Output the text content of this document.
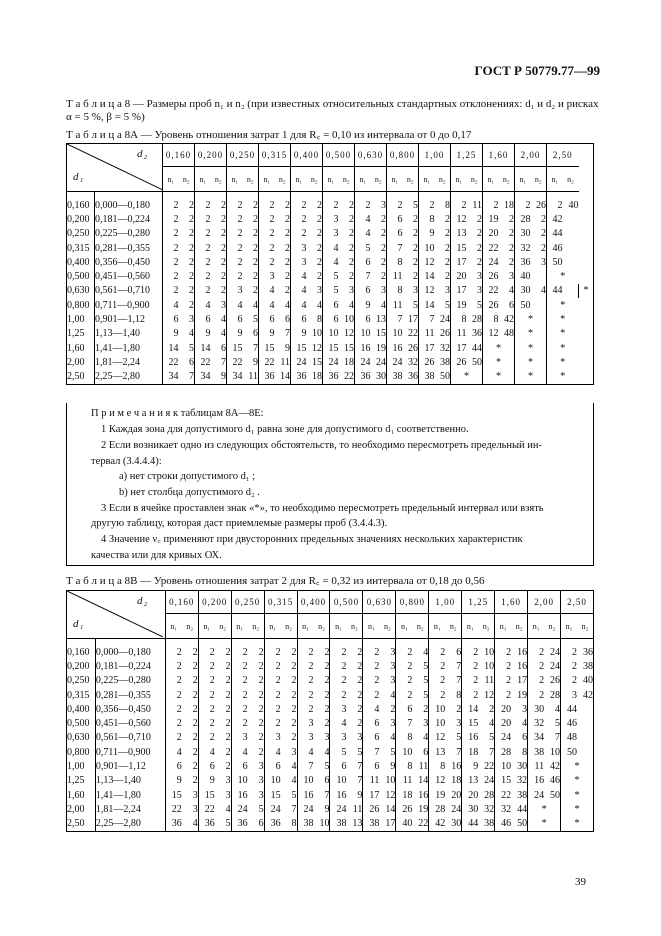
ГОСТ Р 50779.77—99
Т а б л и ц а 8 — Размеры проб n₁ и n₂ (при известных относительных стандартных отклонениях: d₁ и d₂ и рисках
α = 5 %, β = 5 %)
Т а б л и ц а 8А — Уровень отношения затрат 1 для R꜀ = 0,10 из интервала от 0 до 0,17
d₂
d₁		0,160		0,200		0,250		0,315		0,400		0,500		0,630		0,800		1,00		1,25		1,60		2,00		2,50		
		n₁	n₂	n₁	n₂	n₁	n₂	n₁	n₂	n₁	n₂	n₁	n₂	n₁	n₂	n₁	n₂	n₁	n₂	n₁	n₂	n₁	n₂	n₁	n₂	n₁	n₂	
0,160	0,000—0,180	2	2	2	2	2	2	2	2	2	2	2	2	2	3	2	5	2	8	2	11	2	18	2	26	2	40	
0,200	0,181—0,224	2	2	2	2	2	2	2	2	2	2	3	2	4	2	6	2	8	2	12	2	19	2	28	2	42		
0,250	0,225—0,280	2	2	2	2	2	2	2	2	2	2	3	2	4	2	6	2	9	2	13	2	20	2	30	2	44		
0,315	0,281—0,355	2	2	2	2	2	2	2	2	3	2	4	2	5	2	7	2	10	2	15	2	22	2	32	2	46		
0,400	0,356—0,450	2	2	2	2	2	2	2	2	3	2	4	2	6	2	8	2	12	2	17	2	24	2	36	3	50		
0,500	0,451—0,560	2	2	2	2	2	2	3	2	4	2	5	2	7	2	11	2	14	2	20	3	26	3	40		*		
0,630	0,561—0,710	2	2	2	2	3	2	4	2	4	3	5	3	6	3	8	3	12	3	17	3	22	4	30	4	44		*
0,800	0,711—0,900	4	2	4	3	4	4	4	4	4	4	6	4	9	4	11	5	14	5	19	5	26	6	50		*		
1,00	0,901—1,12	6	3	6	4	6	5	6	6	6	8	6	10	6	13	7	17	7	24	8	28	8	42	*		*		
1,25	1,13—1,40	9	4	9	4	9	6	9	7	9	10	10	12	10	15	10	22	11	26	11	36	12	48	*		*		
1,60	1,41—1,80	14	5	14	6	15	7	15	9	15	12	15	15	16	19	16	26	17	32	17	44	*		*		*		
2,00	1,81—2,24	22	6	22	7	22	9	22	11	24	15	24	18	24	24	24	32	26	38	26	50	*		*		*		
2,50	2,25—2,80	34	7	34	9	34	11	36	14	36	18	36	22	36	30	38	36	38	50	*		*		*		*		

П р и м е ч а н и я к таблицам 8А—8Е:

1 Каждая зона для допустимого d₁ равна зоне для допустимого d₁ соответственно.

2 Если возникает одно из следующих обстоятельств, то необходимо пересмотреть предельный ин-

тервал (3.4.4.4):

а) нет строки допустимого d₁ ;

b) нет столбца допустимого d₂ .

3 Если в ячейке проставлен знак «*», то необходимо пересмотреть предельный интервал или взять

другую таблицу, которая даст приемлемые размеры проб (3.4.4.3).

4 Значение ν꜀ применяют при двусторонних предельных значениях нескольких характеристик

качества или для кривых ОХ.

Т а б л и ц а 8В — Уровень отношения затрат 2 для R꜀ = 0,32 из интервала от 0,18 до 0,56
d₂
d₁		0,160		0,200		0,250		0,315		0,400		0,500		0,630		0,800		1,00		1,25		1,60		2,00		2,50	
		n₁	n₂	n₁	n₂	n₁	n₂	n₁	n₂	n₁	n₂	n₁	n₂	n₁	n₂	n₁	n₂	n₁	n₂	n₁	n₂	n₁	n₂	n₁	n₂	n₁	n₂
0,160	0,000—0,180	2	2	2	2	2	2	2	2	2	2	2	2	2	3	2	4	2	6	2	10	2	16	2	24	2	36
0,200	0,181—0,224	2	2	2	2	2	2	2	2	2	2	2	2	2	3	2	5	2	7	2	10	2	16	2	24	2	38
0,250	0,225—0,280	2	2	2	2	2	2	2	2	2	2	2	2	2	3	2	5	2	7	2	11	2	17	2	26	2	40
0,315	0,281—0,355	2	2	2	2	2	2	2	2	2	2	2	2	2	4	2	5	2	8	2	12	2	19	2	28	3	42
0,400	0,356—0,450	2	2	2	2	2	2	2	2	2	2	3	2	4	2	6	2	10	2	14	2	20	3	30	4	44	
0,500	0,451—0,560	2	2	2	2	2	2	2	2	3	2	4	2	6	3	7	3	10	3	15	4	20	4	32	5	46	
0,630	0,561—0,710	2	2	2	2	3	2	3	2	3	3	3	3	6	4	8	4	12	5	16	5	24	6	34	7	48	
0,800	0,711—0,900	4	2	4	2	4	2	4	3	4	4	5	5	7	5	10	6	13	7	18	7	28	8	38	10	50	
1,00	0,901—1,12	6	2	6	2	6	3	6	4	7	5	6	7	6	9	8	11	8	16	9	22	10	30	11	42	*	
1,25	1,13—1,40	9	2	9	3	10	3	10	4	10	6	10	7	11	10	11	14	12	18	13	24	15	32	16	46	*	
1,60	1,41—1,80	15	3	15	3	16	3	15	5	16	7	16	9	17	12	18	16	19	20	20	28	22	38	24	50	*	
2,00	1,81—2,24	22	3	22	4	24	5	24	7	24	9	24	11	26	14	26	19	28	24	30	32	32	44	*		*	
2,50	2,25—2,80	36	4	36	5	36	6	36	8	38	10	38	13	38	17	40	22	42	30	44	38	46	50	*		*	
39
